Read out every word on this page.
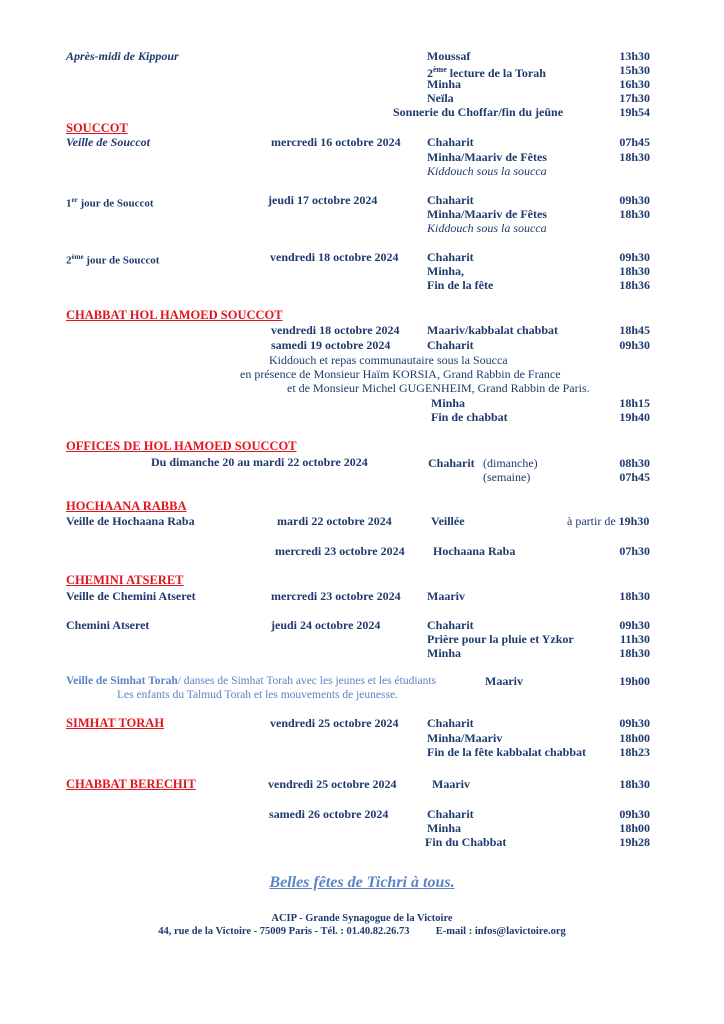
Après-midi de Kippour	Moussaf	13h30
2ème lecture de la Torah	15h30
Minha	16h30
Neïla	17h30
Sonnerie du Choffar/fin du jeûne	19h54
SOUCCOT
Veille de Souccot	mercredi 16 octobre 2024 Chaharit	07h45
Minha/Maariv de Fêtes	18h30
Kiddouch sous la soucca
1er jour de Souccot	jeudi 17 octobre 2024	Chaharit	09h30
Minha/Maariv de Fêtes	18h30
Kiddouch sous la soucca
2ème jour de Souccot	vendredi 18 octobre 2024 Chaharit	09h30
Minha,	18h30
Fin de la fête	18h36
CHABBAT HOL HAMOED SOUCCOT
vendredi 18 octobre 2024 Maariv/kabbalat chabbat	18h45
samedi 19 octobre 2024	Chaharit	09h30
Kiddouch et repas communautaire sous la Soucca
en présence de Monsieur Haïm KORSIA, Grand Rabbin de France
et de Monsieur Michel GUGENHEIM, Grand Rabbin de Paris.
Minha	18h15
Fin de chabbat	19h40
OFFICES DE HOL HAMOED SOUCCOT
Du dimanche 20 au mardi 22 octobre 2024	Chaharit (dimanche)	08h30
(semaine)	07h45
HOCHAANA RABBA
Veille de Hochaana Raba	mardi 22 octobre 2024	Veillée	à partir de 19h30
mercredi 23 octobre 2024 Hochaana Raba	07h30
CHEMINI ATSERET
Veille de Chemini Atseret	mercredi 23 octobre 2024 Maariv	18h30
Chemini Atseret	jeudi 24 octobre 2024	Chaharit	09h30
Prière pour la pluie et Yzkor	11h30
Minha	18h30
Veille de Simhat Torah/ danses de Simhat Torah avec les jeunes et les étudiants	Maariv	19h00
Les enfants du Talmud Torah et les mouvements de jeunesse.
SIMHAT TORAH	vendredi 25 octobre 2024 Chaharit	09h30
Minha/Maariv	18h00
Fin de la fête kabbalat chabbat	18h23
CHABBAT BERECHIT	vendredi 25 octobre 2024	Maariv	18h30
samedi 26 octobre 2024	Chaharit	09h30
Minha	18h00
Fin du Chabbat	19h28
Belles fêtes de Tichri à tous.
ACIP - Grande Synagogue de la Victoire
44, rue de la Victoire - 75009 Paris - Tél. : 01.40.82.26.73          E-mail : infos@lavictoire.org
